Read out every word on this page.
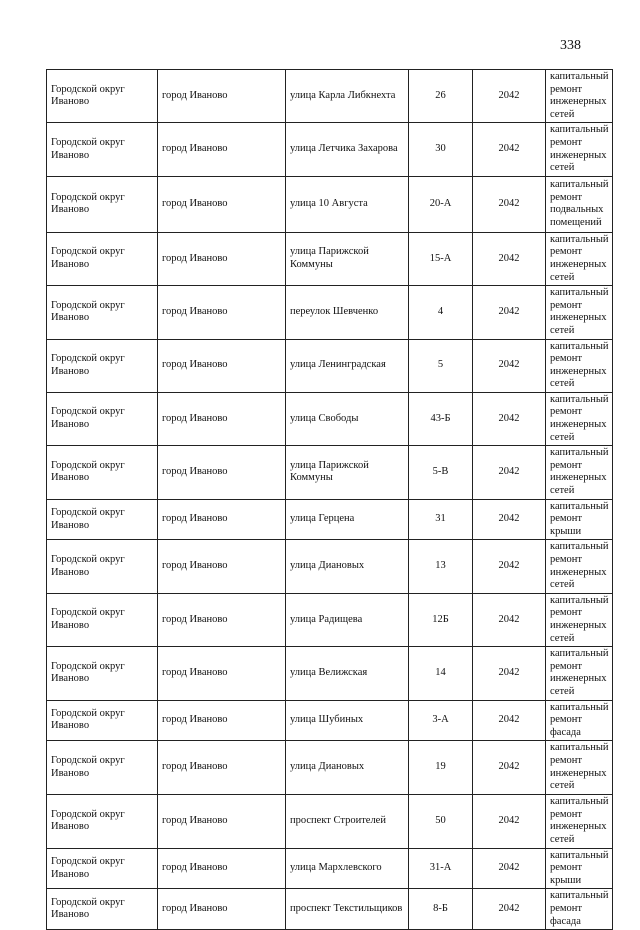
338
Городской округ Иваново	город Иваново	улица Карла Либкнехта	26	2042	капитальный ремонт инженерных сетей
Городской округ Иваново	город Иваново	улица Летчика Захарова	30	2042	капитальный ремонт инженерных сетей
Городской округ Иваново	город Иваново	улица 10 Августа	20-А	2042	капитальный ремонт подвальных помещений
Городской округ Иваново	город Иваново	улица Парижской Коммуны	15-А	2042	капитальный ремонт инженерных сетей
Городской округ Иваново	город Иваново	переулок Шевченко	4	2042	капитальный ремонт инженерных сетей
Городской округ Иваново	город Иваново	улица Ленинградская	5	2042	капитальный ремонт инженерных сетей
Городской округ Иваново	город Иваново	улица Свободы	43-Б	2042	капитальный ремонт инженерных сетей
Городской округ Иваново	город Иваново	улица Парижской Коммуны	5-В	2042	капитальный ремонт инженерных сетей
Городской округ Иваново	город Иваново	улица Герцена	31	2042	капитальный ремонт крыши
Городской округ Иваново	город Иваново	улица Диановых	13	2042	капитальный ремонт инженерных сетей
Городской округ Иваново	город Иваново	улица Радищева	12Б	2042	капитальный ремонт инженерных сетей
Городской округ Иваново	город Иваново	улица Велижская	14	2042	капитальный ремонт инженерных сетей
Городской округ Иваново	город Иваново	улица Шубиных	3-А	2042	капитальный ремонт фасада
Городской округ Иваново	город Иваново	улица Диановых	19	2042	капитальный ремонт инженерных сетей
Городской округ Иваново	город Иваново	проспект Строителей	50	2042	капитальный ремонт инженерных сетей
Городской округ Иваново	город Иваново	улица Мархлевского	31-А	2042	капитальный ремонт крыши
Городской округ Иваново	город Иваново	проспект Текстильщиков	8-Б	2042	капитальный ремонт фасада
